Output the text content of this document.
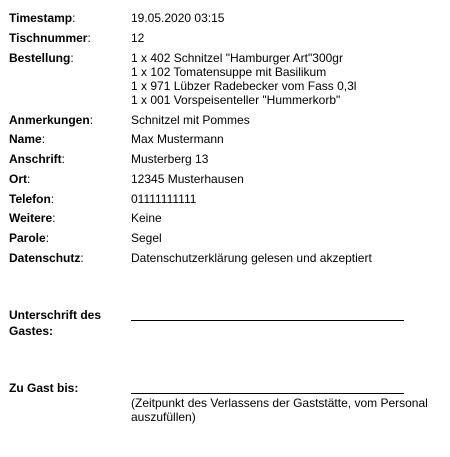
Timestamp:	19.05.2020 03:15
Tischnummer:	12
Bestellung:	1 x 402 Schnitzel "Hamburger Art"300gr
1 x 102 Tomatensuppe mit Basilikum
1 x 971 Lübzer Radebecker vom Fass 0,3l
1 x 001 Vorspeisenteller "Hummerkorb"
Anmerkungen:	Schnitzel mit Pommes
Name:	Max Mustermann
Anschrift:	Musterberg 13
Ort:	12345 Musterhausen
Telefon:	01111111111
Weitere:	Keine
Parole:	Segel
Datenschutz:	Datenschutzerklärung gelesen und akzeptiert
Unterschrift des
Gastes:
Zu Gast bis:
(Zeitpunkt des Verlassens der Gaststätte, vom Personal
auszufüllen)
